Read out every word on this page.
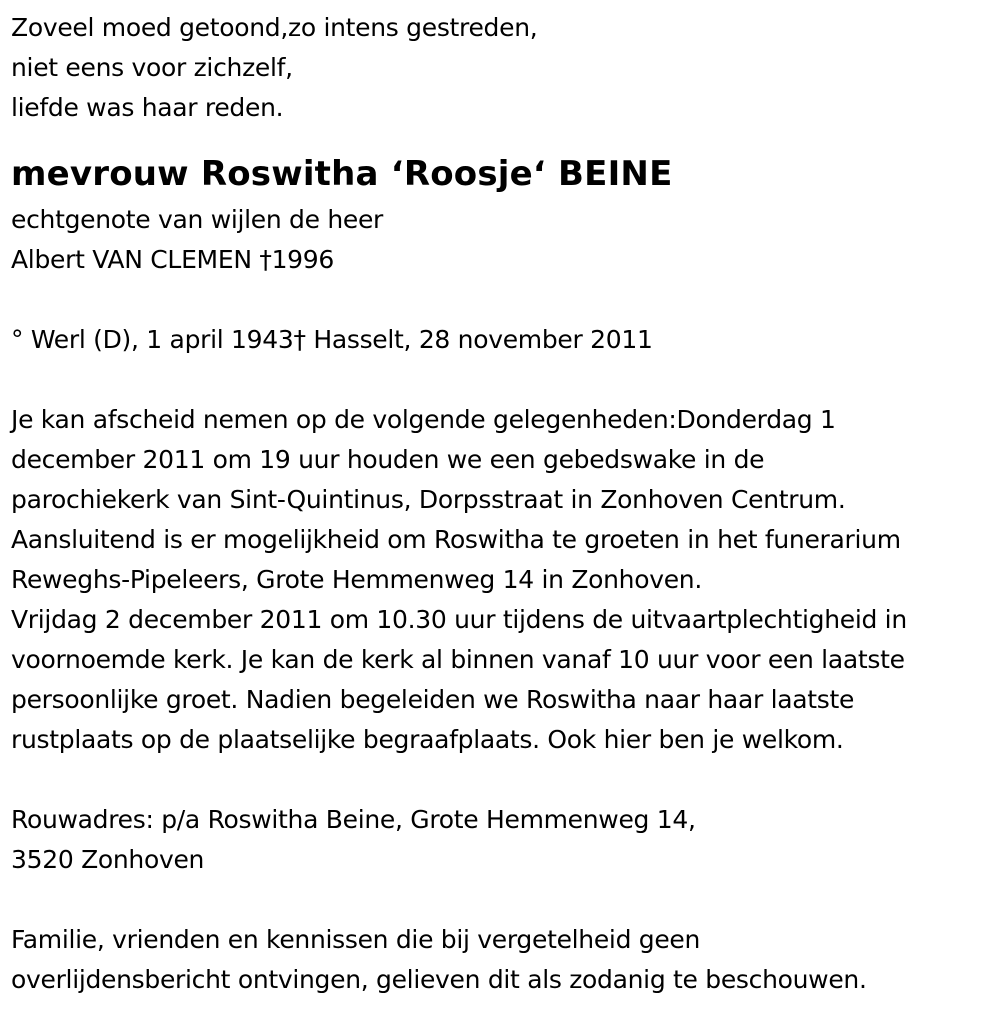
Zoveel moed getoond,zo intens gestreden,
niet eens voor zichzelf,
liefde was haar reden.
mevrouw Roswitha ‘Roosje‘ BEINE
echtgenote van wijlen de heer
Albert VAN CLEMEN †1996
° Werl (D), 1 april 1943† Hasselt, 28 november 2011
Je kan afscheid nemen op de volgende gelegenheden:Donderdag 1
december 2011 om 19 uur houden we een gebedswake in de
parochiekerk van Sint-Quintinus, Dorpsstraat in Zonhoven Centrum.
Aansluitend is er mogelijkheid om Roswitha te groeten in het funerarium
Reweghs-Pipeleers, Grote Hemmenweg 14 in Zonhoven.
Vrijdag 2 december 2011 om 10.30 uur tijdens de uitvaartplechtigheid in
voornoemde kerk. Je kan de kerk al binnen vanaf 10 uur voor een laatste
persoonlijke groet. Nadien begeleiden we Roswitha naar haar laatste
rustplaats op de plaatselijke begraafplaats. Ook hier ben je welkom.
Rouwadres: p/a Roswitha Beine, Grote Hemmenweg 14,
3520 Zonhoven
Familie, vrienden en kennissen die bij vergetelheid geen
overlijdensbericht ontvingen, gelieven dit als zodanig te beschouwen.
